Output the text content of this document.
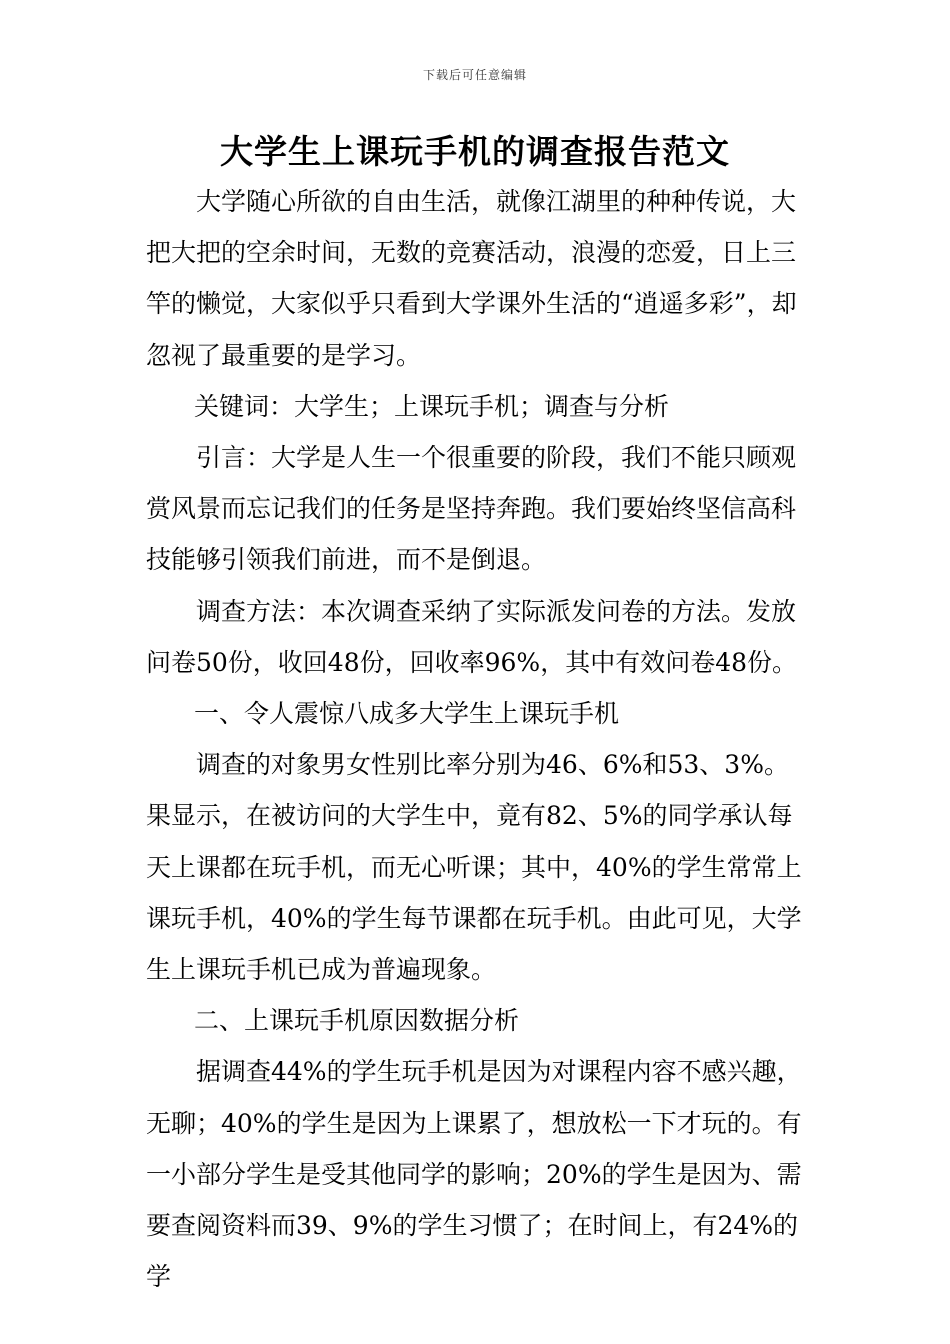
下载后可任意编辑
大学生上课玩手机的调查报告范文

大学随心所欲的自由生活，就像江湖里的种种传说，大把大把的空余时间，无数的竞赛活动，浪漫的恋爱，日上三竿的懒觉，大家似乎只看到大学课外生活的“逍遥多彩”，却忽视了最重要的是学习。

关键词：大学生；上课玩手机；调查与分析

引言：大学是人生一个很重要的阶段，我们不能只顾观赏风景而忘记我们的任务是坚持奔跑。我们要始终坚信高科技能够引领我们前进，而不是倒退。

调查方法：本次调查采纳了实际派发问卷的方法。发放问卷50份，收回48份，回收率96%，其中有效问卷48份。

一、令人震惊八成多大学生上课玩手机

调查的对象男女性别比率分别为46、6%和53、3%。果显示，在被访问的大学生中，竟有82、5%的同学承认每天上课都在玩手机，而无心听课；其中，40%的学生常常上课玩手机，40%的学生每节课都在玩手机。由此可见，大学生上课玩手机已成为普遍现象。

二、上课玩手机原因数据分析

据调查44%的学生玩手机是因为对课程内容不感兴趣，无聊；40%的学生是因为上课累了，想放松一下才玩的。有一小部分学生是受其他同学的影响；20%的学生是因为、需要查阅资料而39、9%的学生习惯了；在时间上，有24%的学
